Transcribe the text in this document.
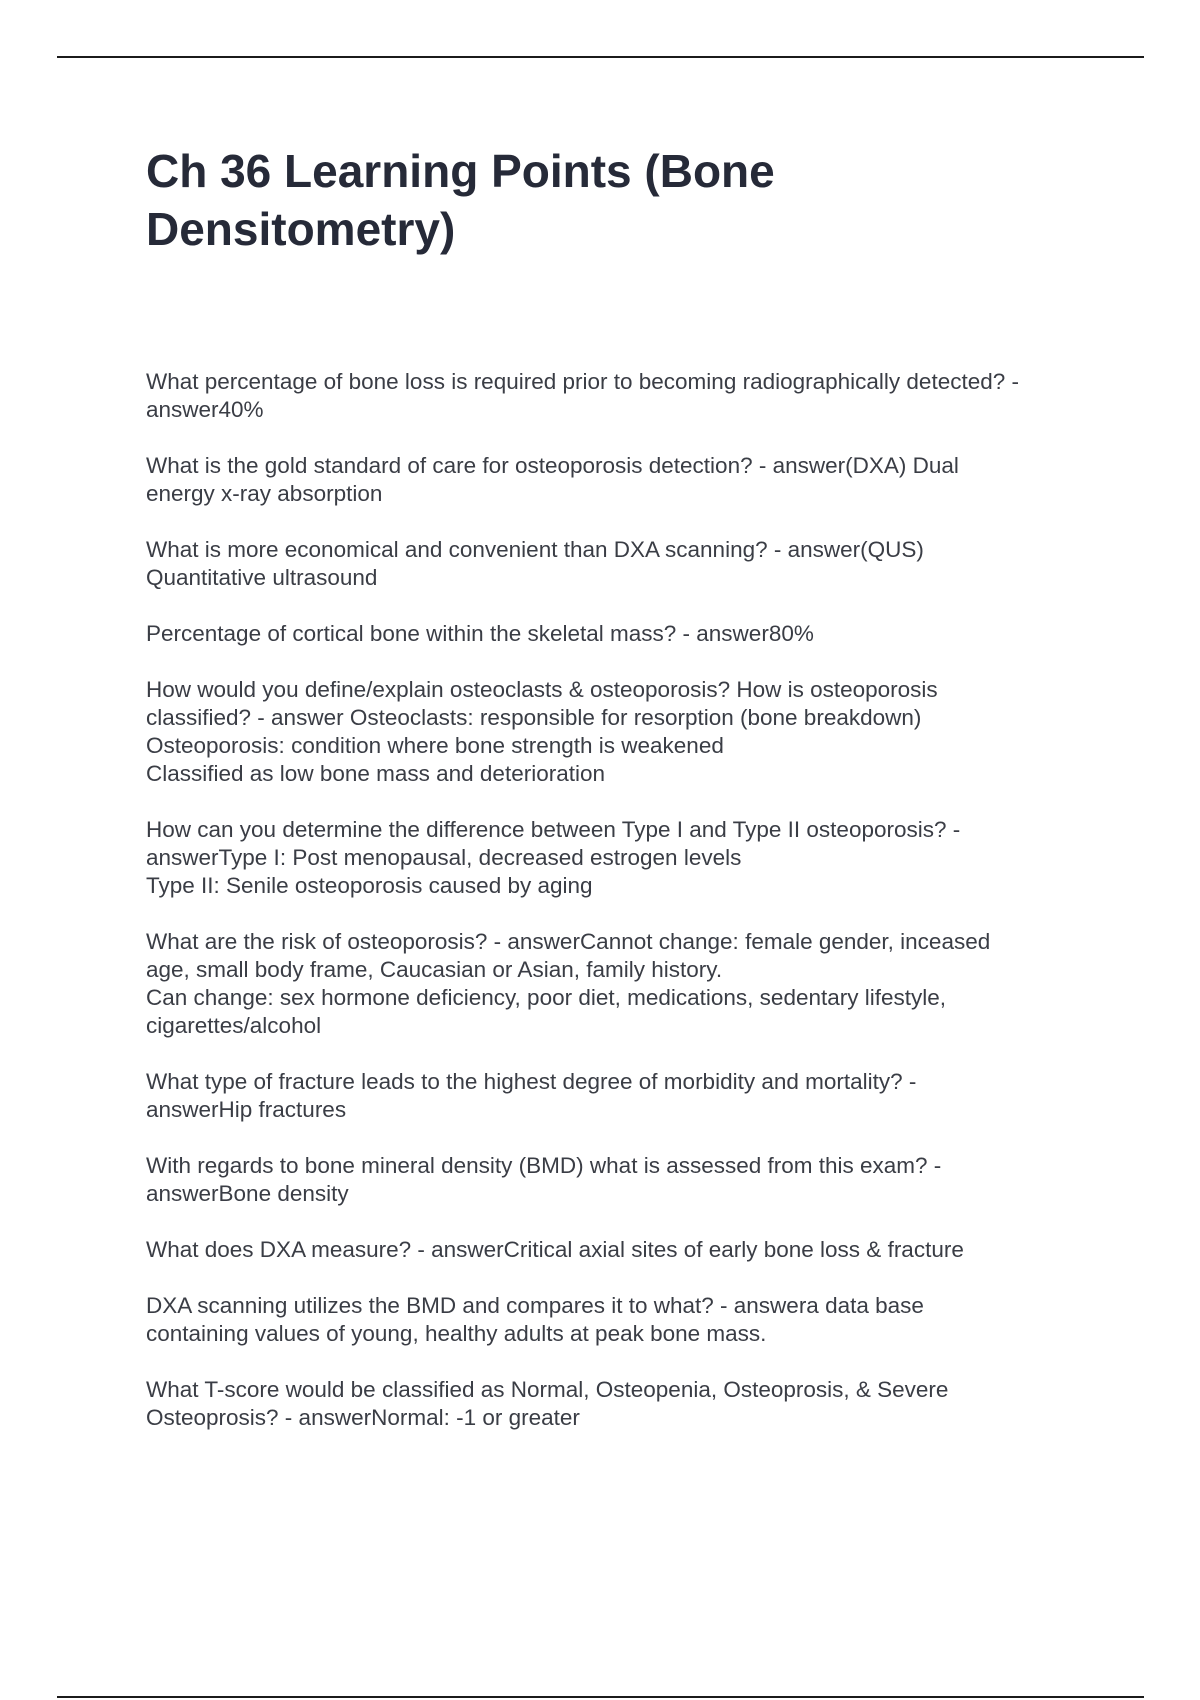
Ch 36 Learning Points (Bone
Densitometry)

What percentage of bone loss is required prior to becoming radiographically detected? -
answer40%

What is the gold standard of care for osteoporosis detection? - answer(DXA) Dual
energy x-ray absorption

What is more economical and convenient than DXA scanning? - answer(QUS)
Quantitative ultrasound

Percentage of cortical bone within the skeletal mass? - answer80%

How would you define/explain osteoclasts & osteoporosis? How is osteoporosis
classified? - answer Osteoclasts: responsible for resorption (bone breakdown)
Osteoporosis: condition where bone strength is weakened
Classified as low bone mass and deterioration

How can you determine the difference between Type I and Type II osteoporosis? -
answerType I: Post menopausal, decreased estrogen levels
Type II: Senile osteoporosis caused by aging

What are the risk of osteoporosis? - answerCannot change: female gender, inceased
age, small body frame, Caucasian or Asian, family history.
Can change: sex hormone deficiency, poor diet, medications, sedentary lifestyle,
cigarettes/alcohol

What type of fracture leads to the highest degree of morbidity and mortality? -
answerHip fractures

With regards to bone mineral density (BMD) what is assessed from this exam? -
answerBone density

What does DXA measure? - answerCritical axial sites of early bone loss & fracture

DXA scanning utilizes the BMD and compares it to what? - answera data base
containing values of young, healthy adults at peak bone mass.

What T-score would be classified as Normal, Osteopenia, Osteoprosis, & Severe
Osteoprosis? - answerNormal: -1 or greater
